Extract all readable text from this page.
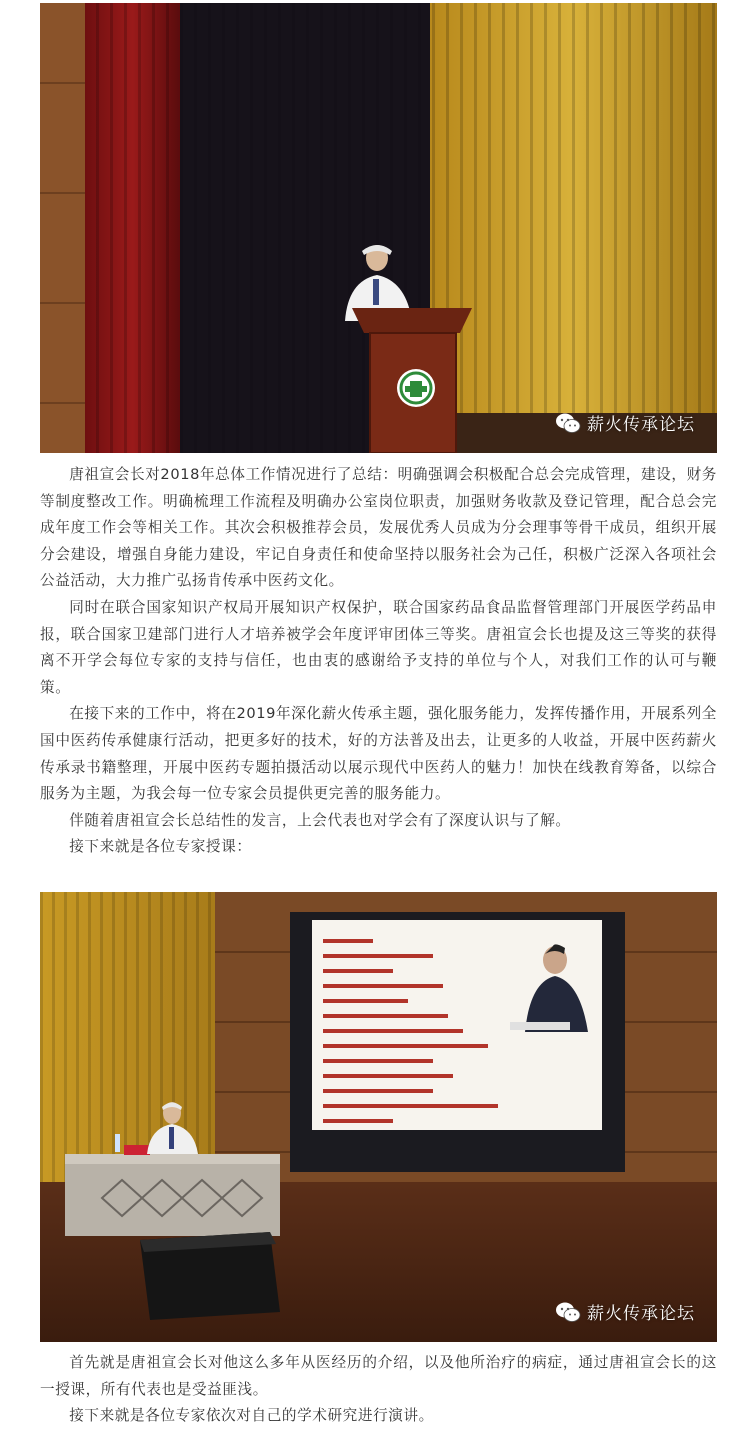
薪火传承论坛

唐祖宣会长对2018年总体工作情况进行了总结：明确强调会积极配合总会完成管理，建设，财务等制度整改工作。明确梳理工作流程及明确办公室岗位职责，加强财务收款及登记管理，配合总会完成年度工作会等相关工作。其次会积极推荐会员，发展优秀人员成为分会理事等骨干成员，组织开展分会建设，增强自身能力建设，牢记自身责任和使命坚持以服务社会为己任，积极广泛深入各项社会公益活动，大力推广弘扬肯传承中医药文化。

同时在联合国家知识产权局开展知识产权保护，联合国家药品食品监督管理部门开展医学药品申报，联合国家卫建部门进行人才培养被学会年度评审团体三等奖。唐祖宣会长也提及这三等奖的获得离不开学会每位专家的支持与信任，也由衷的感谢给予支持的单位与个人，对我们工作的认可与鞭策。

在接下来的工作中，将在2019年深化薪火传承主题，强化服务能力，发挥传播作用，开展系列全国中医药传承健康行活动，把更多好的技术，好的方法普及出去，让更多的人收益，开展中医药薪火传承录书籍整理，开展中医药专题拍摄活动以展示现代中医药人的魅力！加快在线教育筹备，以综合服务为主题，为我会每一位专家会员提供更完善的服务能力。

伴随着唐祖宣会长总结性的发言，上会代表也对学会有了深度认识与了解。

接下来就是各位专家授课：

薪火传承论坛

首先就是唐祖宣会长对他这么多年从医经历的介绍，以及他所治疗的病症，通过唐祖宣会长的这一授课，所有代表也是受益匪浅。

接下来就是各位专家依次对自己的学术研究进行演讲。
